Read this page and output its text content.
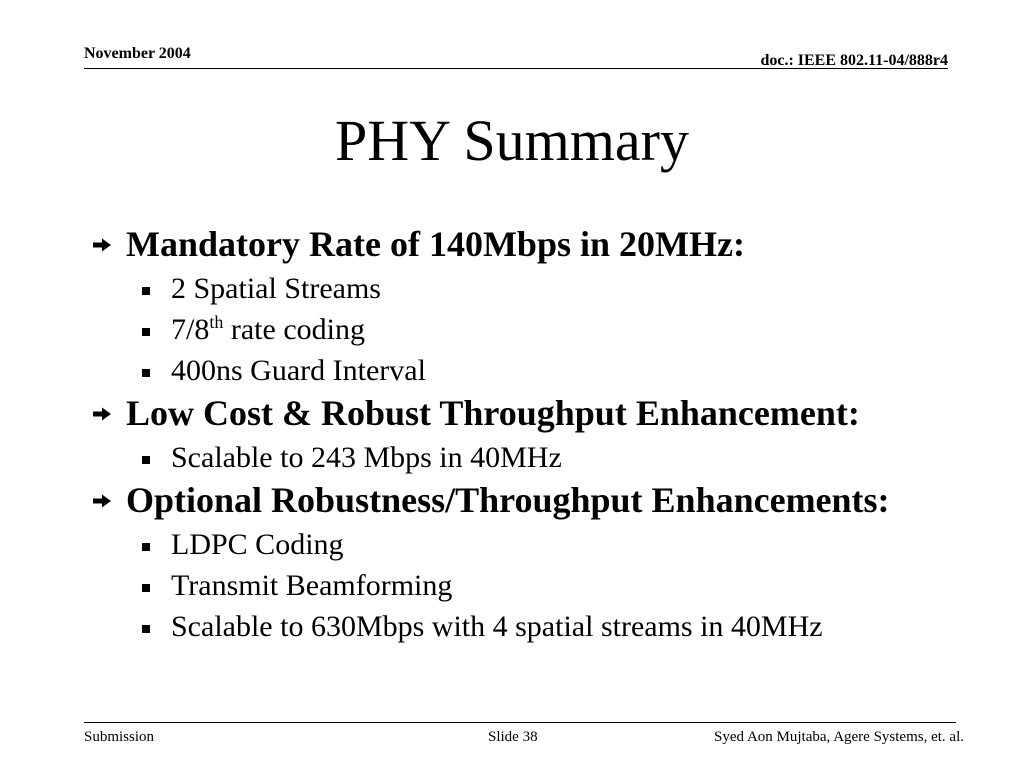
November 2004	doc.: IEEE 802.11-04/888r4
PHY Summary
Mandatory Rate of 140Mbps in 20MHz:
2 Spatial Streams
7/8th rate coding
400ns Guard Interval
Low Cost & Robust Throughput Enhancement:
Scalable to 243 Mbps in 40MHz
Optional Robustness/Throughput Enhancements:
LDPC Coding
Transmit Beamforming
Scalable to 630Mbps with 4 spatial streams in 40MHz
Submission	Slide 38	Syed Aon Mujtaba, Agere Systems, et. al.
